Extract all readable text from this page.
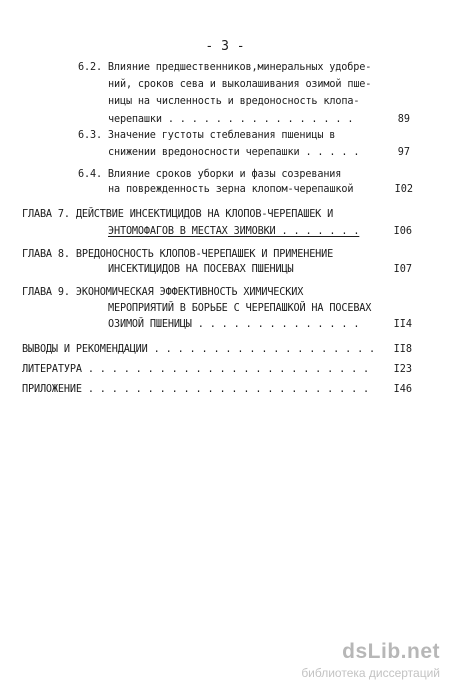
- 3 -
6.2. Влияние предшественников,минеральных удобре-
ний, сроков сева и выколашивания озимой пше-
ницы на численность и вредоносность клопа-
черепашки . . . . . . . . . . . . . . . .	89
6.3. Значение густоты стеблевания пшеницы в
снижении вредоносности черепашки . . . . .	97
6.4. Влияние сроков уборки и фазы созревания
на поврежденность зерна клопом-черепашкой	I02
ГЛАВА 7. ДЕЙСТВИЕ ИНСЕКТИЦИДОВ НА КЛОПОВ-ЧЕРЕПАШЕК И
ЭНТОМОФАГОВ В МЕСТАХ ЗИМОВКИ . . . . . . .	I06
ГЛАВА 8. ВРЕДОНОСНОСТЬ КЛОПОВ-ЧЕРЕПАШЕК И ПРИМЕНЕНИЕ
ИНСЕКТИЦИДОВ НА ПОСЕВАХ ПШЕНИЦЫ	I07
ГЛАВА 9. ЭКОНОМИЧЕСКАЯ ЭФФЕКТИВНОСТЬ ХИМИЧЕСКИХ
МЕРОПРИЯТИЙ В БОРЬБЕ С ЧЕРЕПАШКОЙ НА ПОСЕВАХ
ОЗИМОЙ ПШЕНИЦЫ . . . . . . . . . . . . . .	II4
ВЫВОДЫ И РЕКОМЕНДАЦИИ . . . . . . . . . . . . . . . . . . .	II8
ЛИТЕРАТУРА . . . . . . . . . . . . . . . . . . . . . . . .	I23
ПРИЛОЖЕНИЕ . . . . . . . . . . . . . . . . . . . . . . . .	I46
dsLib.net
библиотека диссертаций
